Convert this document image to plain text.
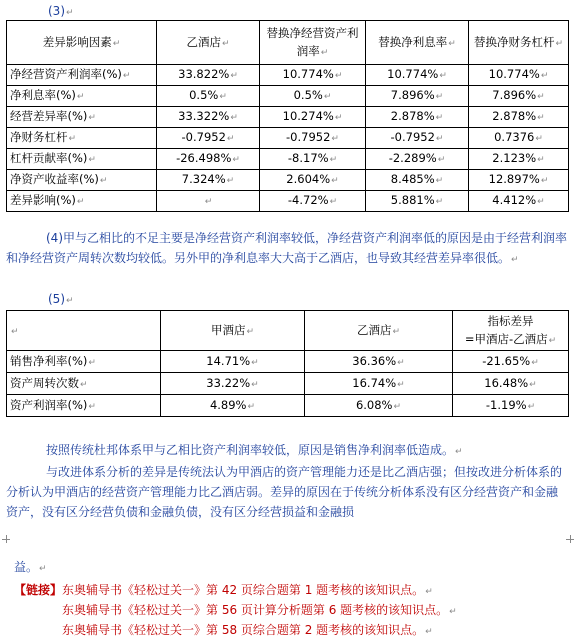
(3)↵
差异影响因素↵	乙酒店↵	替换净经营资产利润率↵	替换净利息率↵	替换净财务杠杆↵
净经营资产利润率(%)↵	33.822%↵	10.774%↵	10.774%↵	10.774%↵
净利息率(%)↵	0.5%↵	0.5%↵	7.896%↵	7.896%↵
经营差异率(%)↵	33.322%↵	10.274%↵	2.878%↵	2.878%↵
净财务杠杆↵	-0.7952↵	-0.7952↵	-0.7952↵	0.7376↵
杠杆贡献率(%)↵	-26.498%↵	-8.17%↵	-2.289%↵	2.123%↵
净资产收益率(%)↵	7.324%↵	2.604%↵	8.485%↵	12.897%↵
差异影响(%)↵	↵	-4.72%↵	5.881%↵	4.412%↵
(4)甲与乙相比的不足主要是净经营资产利润率较低，净经营资产利润率低的原因是由于经营利润率和净经营资产周转次数均较低。另外甲的净利息率大大高于乙酒店，也导致其经营差异率很低。↵
(5)↵
↵	甲酒店↵	乙酒店↵	指标差异
=甲酒店-乙酒店↵
销售净利率(%)↵	14.71%↵	36.36%↵	-21.65%↵
资产周转次数↵	33.22%↵	16.74%↵	16.48%↵
资产利润率(%)↵	4.89%↵	6.08%↵	-1.19%↵
按照传统杜邦体系甲与乙相比资产利润率较低，原因是销售净利润率低造成。↵
与改进体系分析的差异是传统法认为甲酒店的资产管理能力还是比乙酒店强；但按改进分析体系的分析认为甲酒店的经营资产管理能力比乙酒店弱。差异的原因在于传统分析体系没有区分经营资产和金融资产，没有区分经营负债和金融负债，没有区分经营损益和金融损
益。↵
【链接】东奥辅导书《轻松过关一》第 42 页综合题第 1 题考核的该知识点。↵
东奥辅导书《轻松过关一》第 56 页计算分析题第 6 题考核的该知识点。↵
东奥辅导书《轻松过关一》第 58 页综合题第 2 题考核的该知识点。↵
